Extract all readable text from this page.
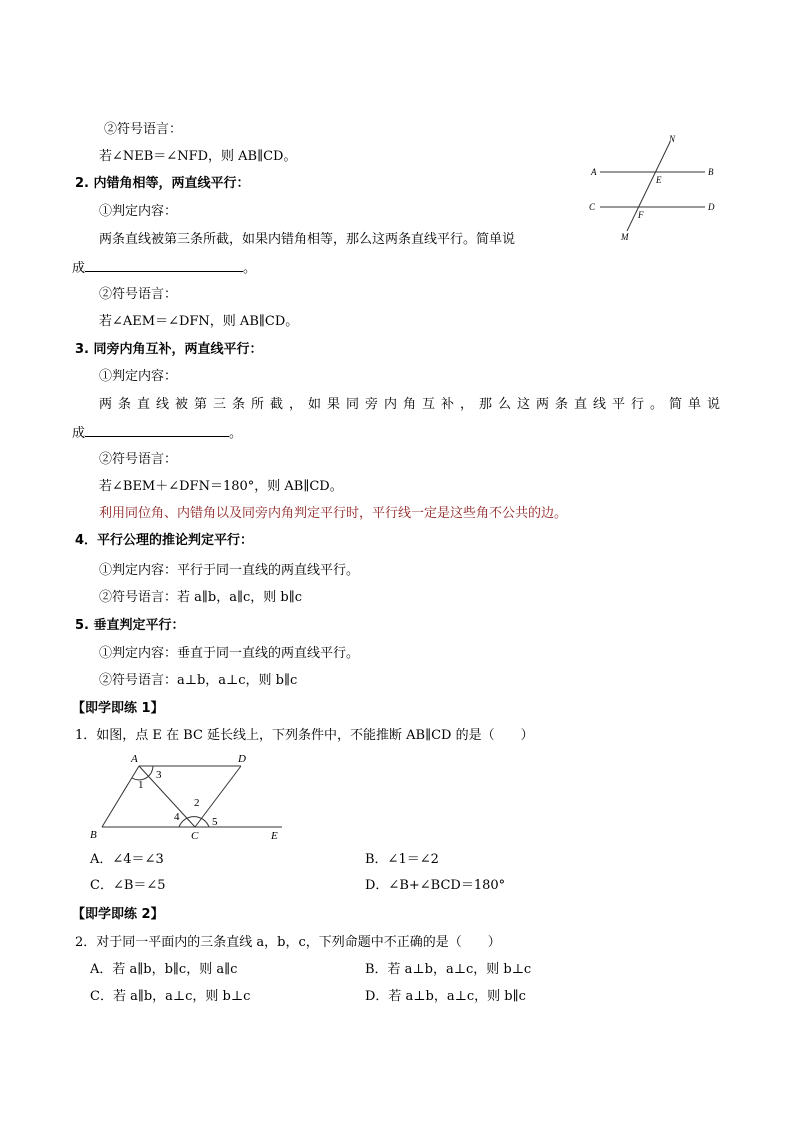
②符号语言：
若∠NEB＝∠NFD，则 AB∥CD。
2. 内错角相等，两直线平行：
①判定内容：
两条直线被第三条所截，如果内错角相等，那么这两条直线平行。简单说
成	。
②符号语言：
若∠AEM＝∠DFN，则 AB∥CD。
3. 同旁内角互补，两直线平行：
①判定内容：
两条直线被第三条所截，如果同旁内角互补，那么这两条直线平行。简单说
成	。
②符号语言：
若∠BEM＋∠DFN＝180°，则 AB∥CD。
利用同位角、内错角以及同旁内角判定平行时，平行线一定是这些角不公共的边。
4．平行公理的推论判定平行：
①判定内容：平行于同一直线的两直线平行。
②符号语言：若 a∥b，a∥c，则 b∥c
5. 垂直判定平行：
①判定内容：垂直于同一直线的两直线平行。
②符号语言：a⊥b，a⊥c，则 b∥c
【即学即练 1】
1．如图，点 E 在 BC 延长线上，下列条件中，不能推断 AB∥CD 的是（　　）
A．∠4＝∠3	B．∠1＝∠2
C．∠B＝∠5	D．∠B+∠BCD＝180°
【即学即练 2】
2．对于同一平面内的三条直线 a，b，c，下列命题中不正确的是（　　）
A．若 a∥b，b∥c，则 a∥c	B．若 a⊥b，a⊥c，则 b⊥c
C．若 a∥b，a⊥c，则 b⊥c	D．若 a⊥b，a⊥c，则 b∥c
N
A
E
B
C
F
D
M
A	D
3
1
2
4	5
B	C	E
